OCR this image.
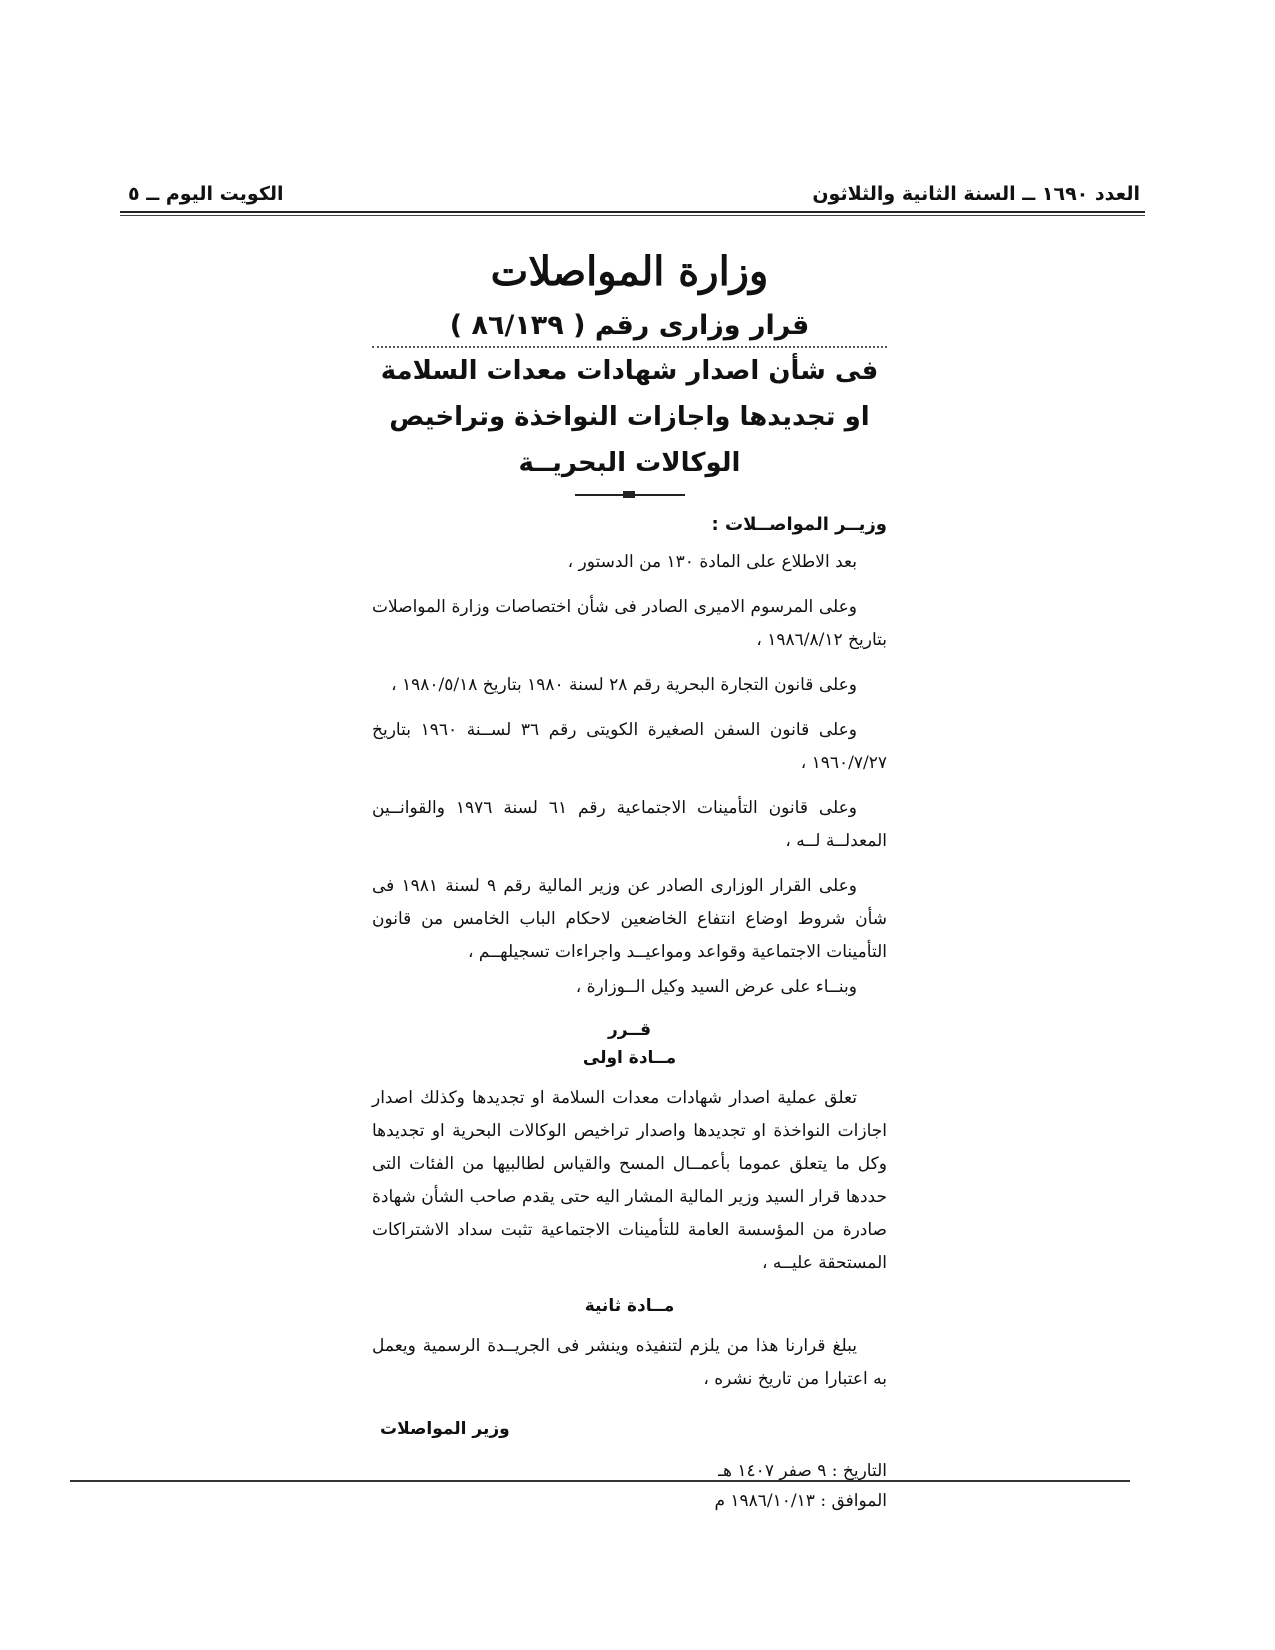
العدد ١٦٩٠ ــ السنة الثانية والثلاثون
الكويت اليوم ــ ٥
وزارة المواصلات
قرار وزارى رقم ( ٨٦/١٣٩ )
فى شأن اصدار شهادات معدات السلامة او تجديدها واجازات النواخذة وتراخيص الوكالات البحريــة
وزيــر المواصــلات :

بعد الاطلاع على المادة ١٣٠ من الدستور ،

وعلى المرسوم الاميرى الصادر فى شأن اختصاصات وزارة المواصلات بتاريخ ١٩٨٦/٨/١٢ ،

وعلى قانون التجارة البحرية رقم ٢٨ لسنة ١٩٨٠ بتاريخ ١٩٨٠/٥/١٨ ،

وعلى قانون السفن الصغيرة الكويتى رقم ٣٦ لســنة ١٩٦٠ بتاريخ ١٩٦٠/٧/٢٧ ،

وعلى قانون التأمينات الاجتماعية رقم ٦١ لسنة ١٩٧٦ والقوانــين المعدلــة لــه ،

وعلى القرار الوزارى الصادر عن وزير المالية رقم ٩ لسنة ١٩٨١ فى شأن شروط اوضاع انتفاع الخاضعين لاحكام الباب الخامس من قانون التأمينات الاجتماعية وقواعد ومواعيــد واجراءات تسجيلهــم ،

وبنــاء على عرض السيد وكيل الــوزارة ،

قــرر
مــادة اولى

تعلق عملية اصدار شهادات معدات السلامة او تجديدها وكذلك اصدار اجازات النواخذة او تجديدها واصدار تراخيص الوكالات البحرية او تجديدها وكل ما يتعلق عموما بأعمــال المسح والقياس لطالبيها من الفئات التى حددها قرار السيد وزير المالية المشار اليه حتى يقدم صاحب الشأن شهادة صادرة من المؤسسة العامة للتأمينات الاجتماعية تثبت سداد الاشتراكات المستحقة عليــه ،

مــادة ثانية

يبلغ قرارنا هذا من يلزم لتنفيذه وينشر فى الجريــدة الرسمية ويعمل به اعتبارا من تاريخ نشره ،

وزير المواصلات
التاريخ : ٩ صفر ١٤٠٧ هـ
الموافق : ١٩٨٦/١٠/١٣ م
